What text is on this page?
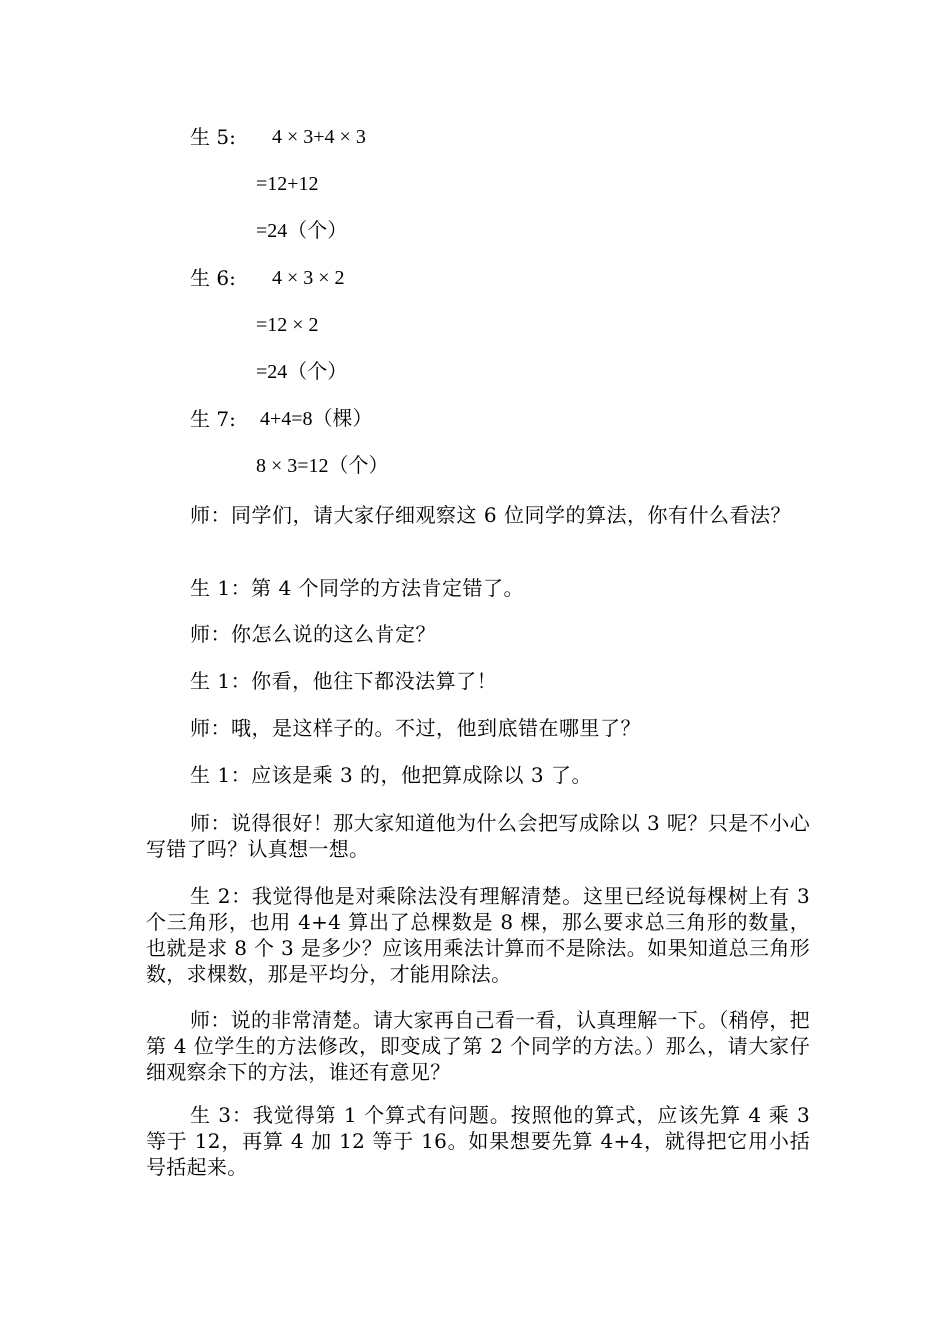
生 5: 4 × 3+4 × 3
=12+12
=24（个）
生 6: 4 × 3 × 2
=12 × 2
=24（个）
生 7: 4+4=8（棵）
8 × 3=12（个）
师：同学们，请大家仔细观察这 6 位同学的算法，你有什么看法？
生 1：第 4 个同学的方法肯定错了。
师：你怎么说的这么肯定？
生 1：你看，他往下都没法算了！
师：哦，是这样子的。不过，他到底错在哪里了？
生 1：应该是乘 3 的，他把算成除以 3 了。
师：说得很好！那大家知道他为什么会把写成除以 3 呢？只是不小心写错了吗？认真想一想。
生 2：我觉得他是对乘除法没有理解清楚。这里已经说每棵树上有 3 个三角形，也用 4+4 算出了总棵数是 8 棵，那么要求总三角形的数量，也就是求 8 个 3 是多少？应该用乘法计算而不是除法。如果知道总三角形数，求棵数，那是平均分，才能用除法。
师：说的非常清楚。请大家再自己看一看，认真理解一下。（稍停，把第 4 位学生的方法修改，即变成了第 2 个同学的方法。）那么，请大家仔细观察余下的方法，谁还有意见？
生 3：我觉得第 1 个算式有问题。按照他的算式，应该先算 4 乘 3 等于 12，再算 4 加 12 等于 16。如果想要先算 4+4，就得把它用小括号括起来。
